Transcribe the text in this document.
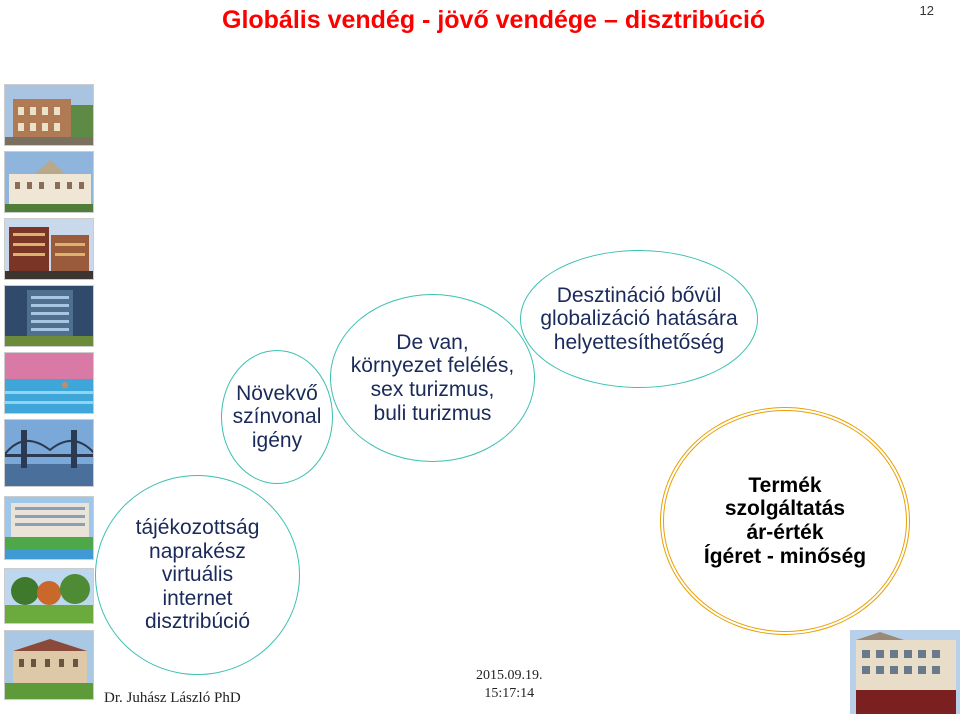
Globális vendég - jövő vendége – disztribúció	12
tájékozottság
naprakész
virtuális
internet
disztribúció
Növekvő
színvonal
igény
De van,
környezet felélés,
sex turizmus,
buli turizmus
Desztináció bővül
globalizáció hatására
helyettesíthetőség
Termék
szolgáltatás
ár-érték
Ígéret - minőség
Dr. Juhász László PhD
2015.09.19.
15:17:14
